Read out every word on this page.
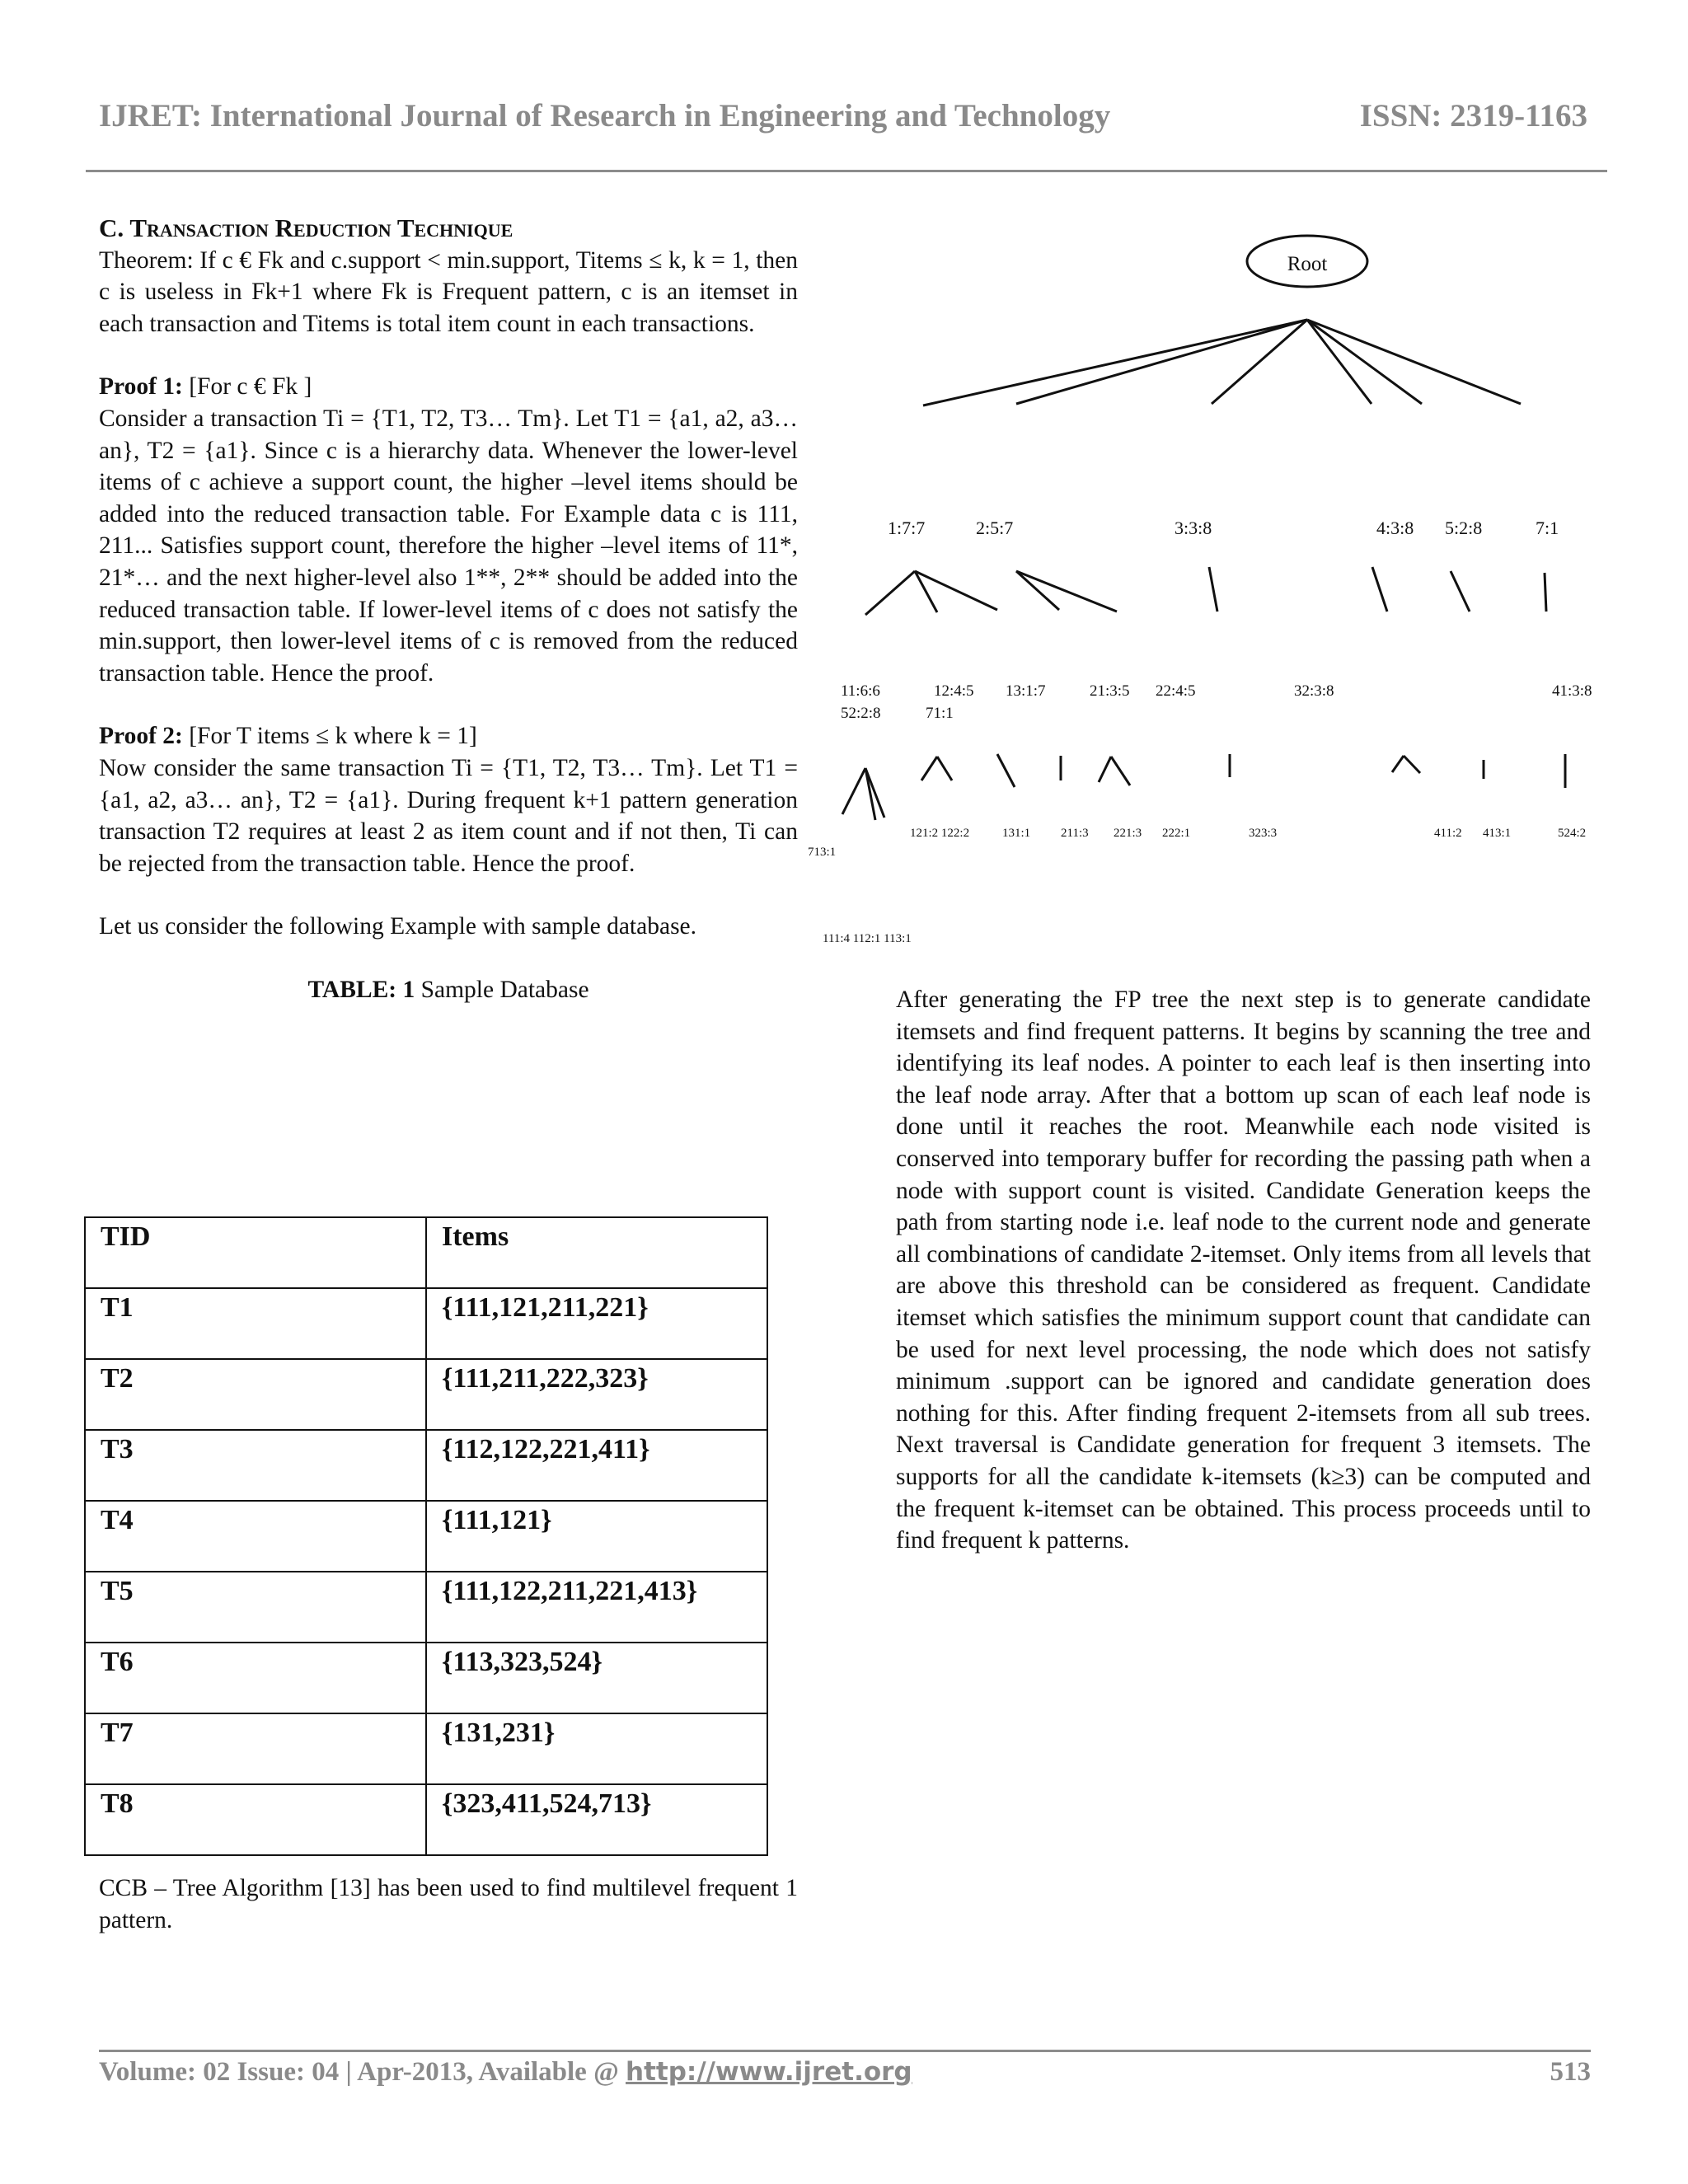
IJRET: International Journal of Research in Engineering and Technology	ISSN: 2319-1163

C. Transaction Reduction Technique

Theorem: If c € Fk and c.support < min.support, Titems ≤ k, k = 1, then c is useless in Fk+1 where Fk is Frequent pattern, c is an itemset in each transaction and Titems is total item count in each transactions.

Proof 1: [For c € Fk ]

Consider a transaction Ti = {T1, T2, T3… Tm}. Let T1 = {a1, a2, a3… an}, T2 = {a1}. Since c is a hierarchy data. Whenever the lower-level items of c achieve a support count, the higher –level items should be added into the reduced transaction table. For Example data c is 111, 211... Satisfies support count, therefore the higher –level items of 11*, 21*… and the next higher-level also 1**, 2** should be added into the reduced transaction table. If lower-level items of c does not satisfy the min.support, then lower-level items of c is removed from the reduced transaction table. Hence the proof.

Proof 2: [For T items ≤ k where k = 1]

Now consider the same transaction Ti = {T1, T2, T3… Tm}. Let T1 = {a1, a2, a3… an}, T2 = {a1}. During frequent k+1 pattern generation transaction T2 requires at least 2 as item count and if not then, Ti can be rejected from the transaction table. Hence the proof.

Let us consider the following Example with sample database.

TABLE: 1 Sample Database

TID	Items
T1	{111,121,211,221}
T2	{111,211,222,323}
T3	{112,122,221,411}
T4	{111,121}
T5	{111,122,211,221,413}
T6	{113,323,524}
T7	{131,231}
T8	{323,411,524,713}
CCB – Tree Algorithm [13] has been used to find multilevel frequent 1 pattern.
Root
1:7:7	2:5:7	3:3:8	4:3:8 5:2:8	7:1
11:6:6
52:2:8
12:4:5
71:1
13:1:7	21:3:5 22:4:5	32:3:8	41:3:8
121:2 122:2	131:1 211:3 221:3 222:1	323:3	411:2 413:1	524:2
713:1
111:4 112:1 113:1

After generating the FP tree the next step is to generate candidate itemsets and find frequent patterns. It begins by scanning the tree and identifying its leaf nodes. A pointer to each leaf is then inserting into the leaf node array. After that a bottom up scan of each leaf node is done until it reaches the root. Meanwhile each node visited is conserved into temporary buffer for recording the passing path when a node with support count is visited. Candidate Generation keeps the path from starting node i.e. leaf node to the current node and generate all combinations of candidate 2-itemset. Only items from all levels that are above this threshold can be considered as frequent. Candidate itemset which satisfies the minimum support count that candidate can be used for next level processing, the node which does not satisfy minimum .support can be ignored and candidate generation does nothing for this. After finding frequent 2-itemsets from all sub trees. Next traversal is Candidate generation for frequent 3 itemsets. The supports for all the candidate k-itemsets (k≥3) can be computed and the frequent k-itemset can be obtained. This process proceeds until to find frequent k patterns.

Volume: 02 Issue: 04 | Apr-2013, Available @ http://www.ijret.org	513
